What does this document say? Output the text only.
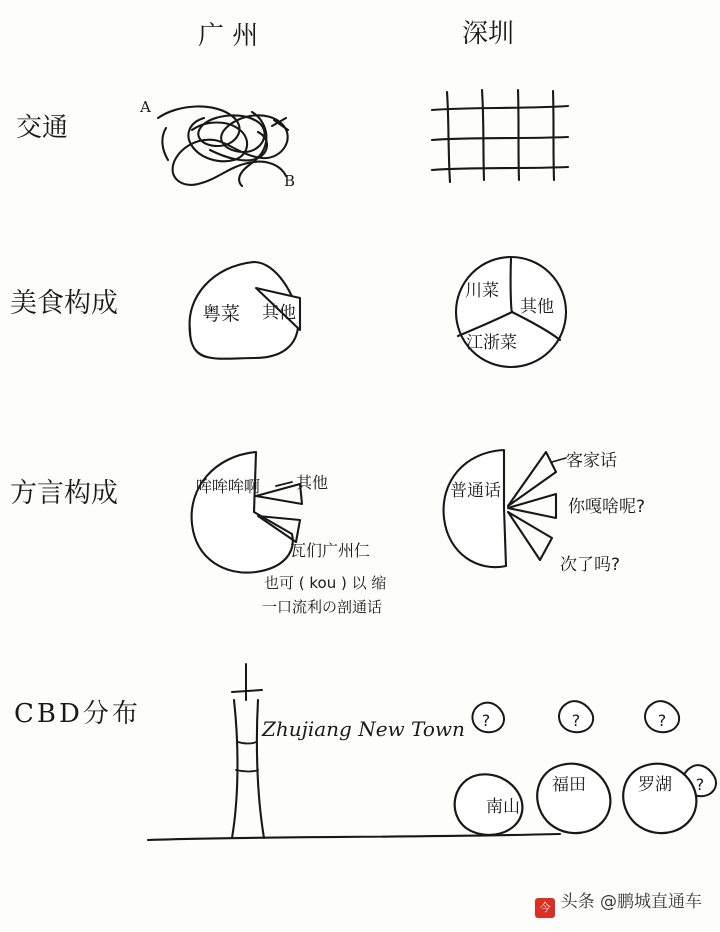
广 州	深圳
交通
美食构成
方言构成
CBD分布
A
B
粤菜 其他
川菜
其他
江浙菜
哞哞哞啊 其他
瓦们广州仁
也可 ( kou ) 以 缩
一口流利の剖通话
普通话
客家话
你嘎啥呢?
次了吗?
Zhujiang New Town ?	?	?
?
南山
福田	罗湖
今 头条 @鹏城直通车
